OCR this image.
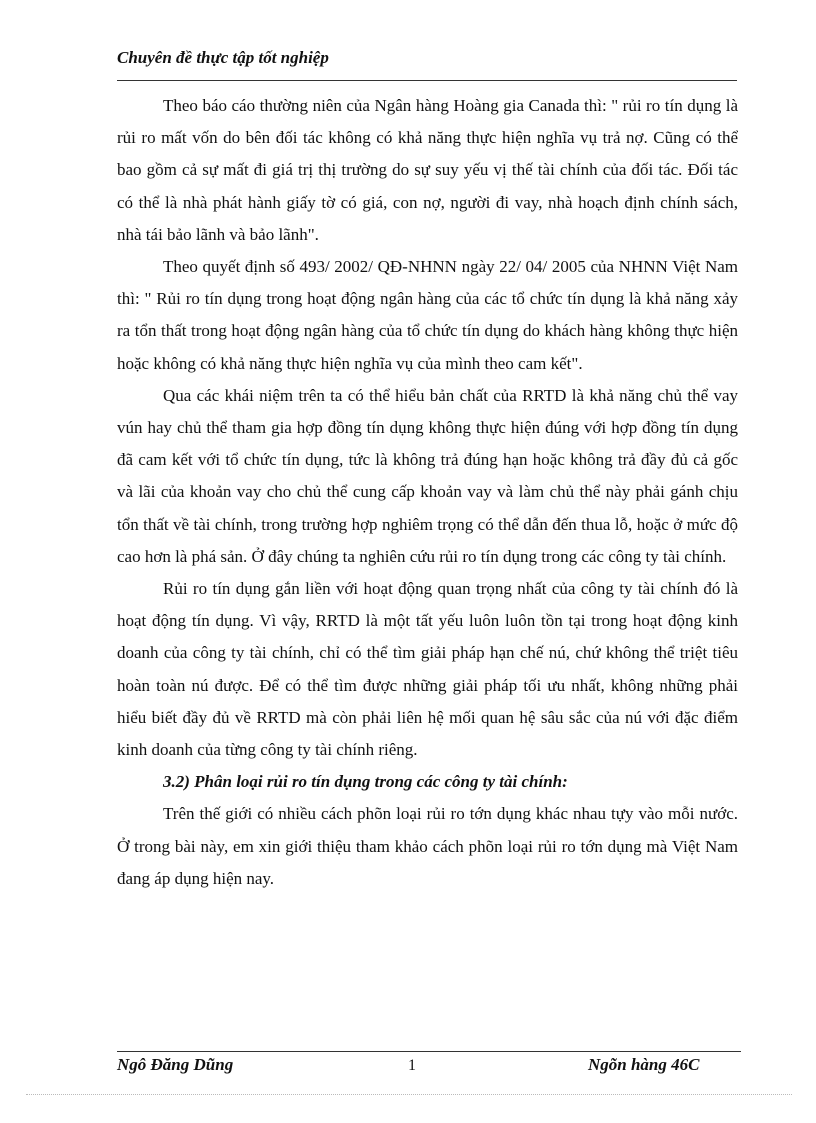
Chuyên đề thực tập tốt nghiệp

Theo báo cáo thường niên của Ngân hàng Hoàng gia Canada thì: " rủi ro tín dụng là rủi ro mất vốn do bên đối tác không có khả năng thực hiện nghĩa vụ trả nợ. Cũng có thể bao gồm cả sự mất đi giá trị thị trường do sự suy yếu vị thế tài chính của đối tác. Đối tác có thể là nhà phát hành giấy tờ có giá, con nợ, người đi vay, nhà hoạch định chính sách, nhà tái bảo lãnh và bảo lãnh".

Theo quyết định số 493/ 2002/ QĐ-NHNN ngày 22/ 04/ 2005 của NHNN Việt Nam thì: " Rủi ro tín dụng trong hoạt động ngân hàng của các tổ chức tín dụng là khả năng xảy ra tổn thất trong hoạt động ngân hàng của tổ chức tín dụng do khách hàng không thực hiện hoặc không có khả năng thực hiện nghĩa vụ của mình theo cam kết".

Qua các khái niệm trên ta có thể hiểu bản chất của RRTD là khả năng chủ thể vay vún hay chủ thể tham gia hợp đồng tín dụng không thực hiện đúng với hợp đồng tín dụng đã cam kết với tổ chức tín dụng, tức là không trả đúng hạn hoặc không trả đầy đủ cả gốc và lãi của khoản vay cho chủ thể cung cấp khoản vay và làm chủ thể này phải gánh chịu tổn thất về tài chính, trong trường hợp nghiêm trọng có thể dẫn đến thua lỗ, hoặc ở mức độ cao hơn là phá sản. Ở đây chúng ta nghiên cứu rủi ro tín dụng trong các công ty tài chính.

Rủi ro tín dụng gắn liền với hoạt động quan trọng nhất của công ty tài chính đó là hoạt động tín dụng. Vì vậy, RRTD là một tất yếu luôn luôn tồn tại trong hoạt động kinh doanh của công ty tài chính, chỉ có thể tìm giải pháp hạn chế nú, chứ không thể triệt tiêu hoàn toàn nú được. Để có thể tìm được những giải pháp tối ưu nhất, không những phải hiểu biết đầy đủ về RRTD mà còn phải liên hệ mối quan hệ sâu sắc của nú với đặc điểm kinh doanh của từng công ty tài chính riêng.

3.2) Phân loại rủi ro tín dụng trong các công ty tài chính:

Trên thế giới có nhiều cách phõn loại rủi ro tớn dụng khác nhau tựy vào mỗi nước. Ở trong bài này, em xin giới thiệu tham khảo cách phõn loại rủi ro tớn dụng mà Việt Nam đang áp dụng hiện nay.

Ngô Đăng Dũng	1	Ngõn hàng 46C
